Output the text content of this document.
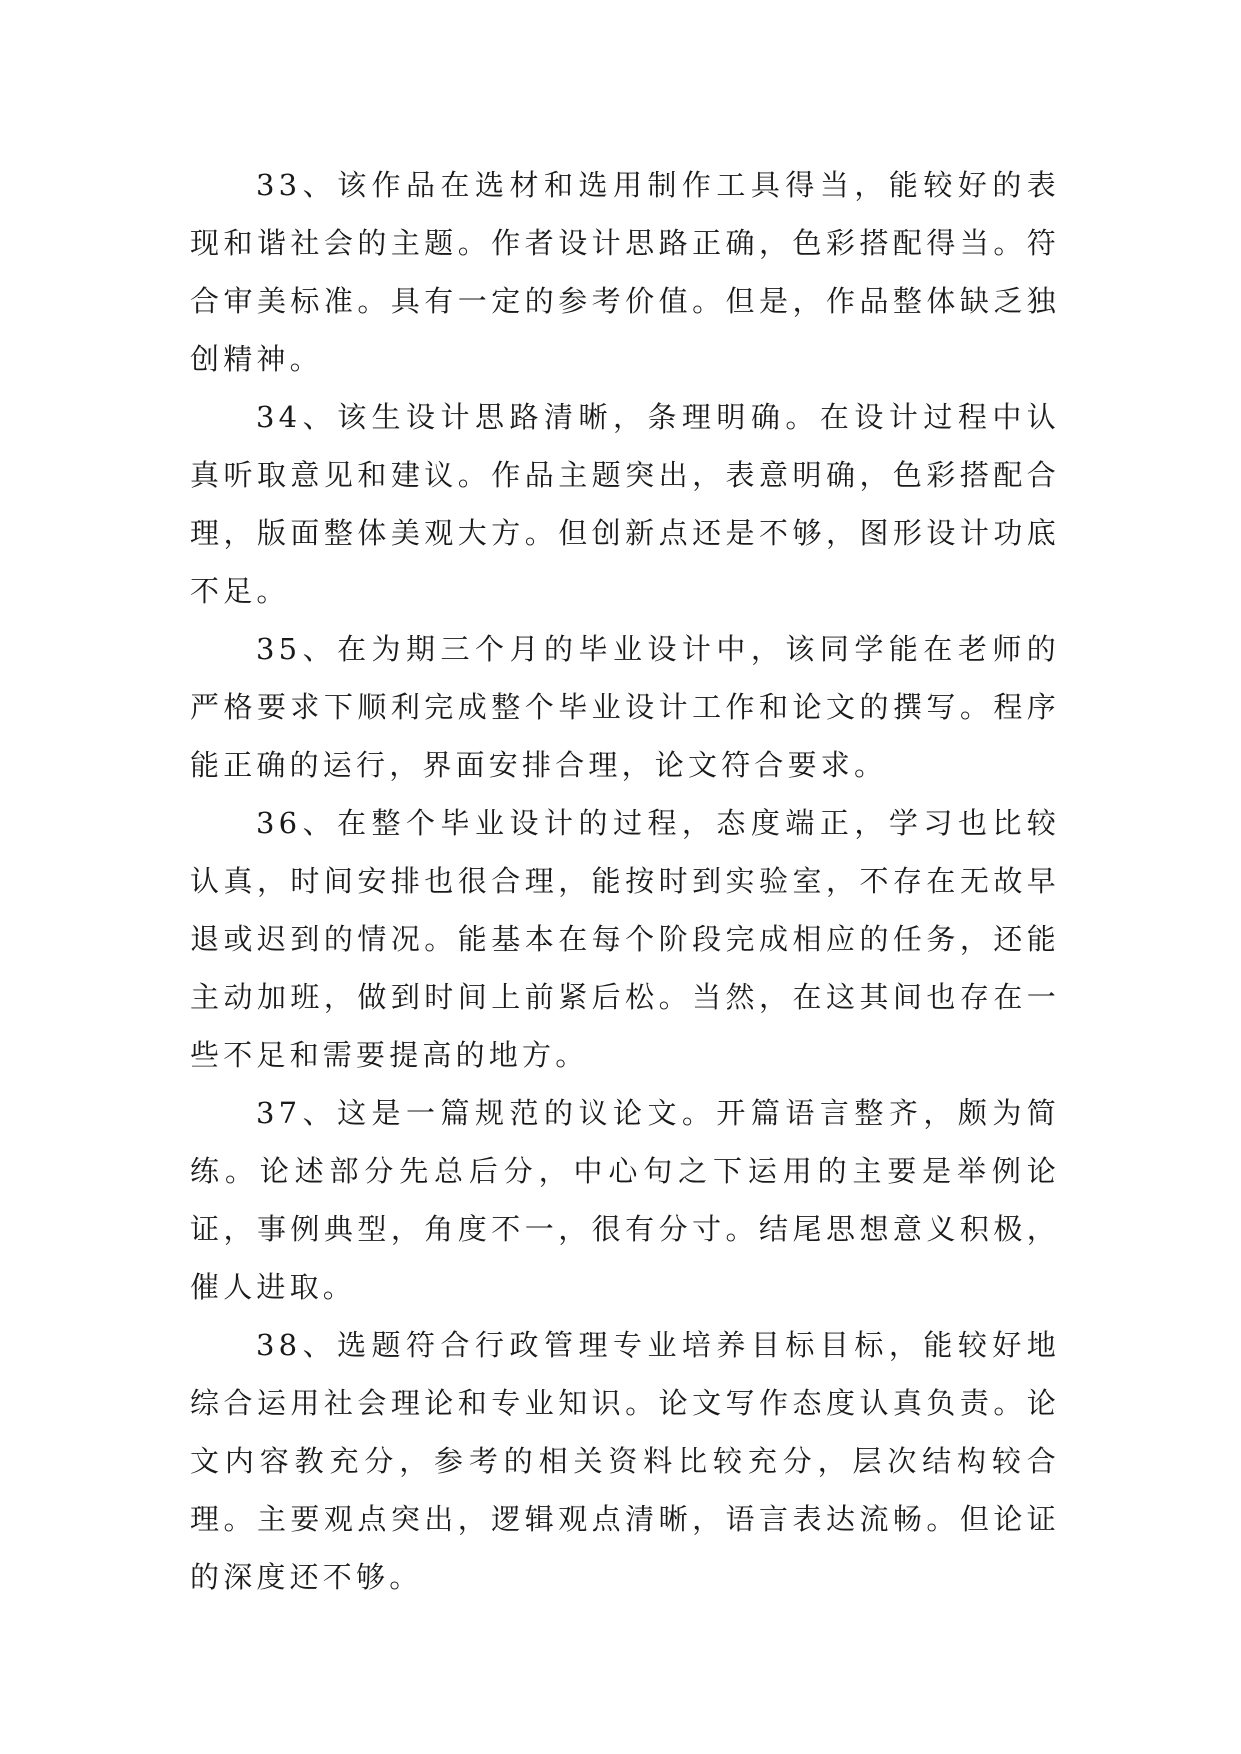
33、该作品在选材和选用制作工具得当，能较好的表现和谐社会的主题。作者设计思路正确，色彩搭配得当。符合审美标准。具有一定的参考价值。但是，作品整体缺乏独创精神。

34、该生设计思路清晰，条理明确。在设计过程中认真听取意见和建议。作品主题突出，表意明确，色彩搭配合理，版面整体美观大方。但创新点还是不够，图形设计功底不足。

35、在为期三个月的毕业设计中，该同学能在老师的严格要求下顺利完成整个毕业设计工作和论文的撰写。程序能正确的运行，界面安排合理，论文符合要求。

36、在整个毕业设计的过程，态度端正，学习也比较认真，时间安排也很合理，能按时到实验室，不存在无故早退或迟到的情况。能基本在每个阶段完成相应的任务，还能主动加班，做到时间上前紧后松。当然，在这其间也存在一些不足和需要提高的地方。

37、这是一篇规范的议论文。开篇语言整齐，颇为简练。论述部分先总后分，中心句之下运用的主要是举例论证，事例典型，角度不一，很有分寸。结尾思想意义积极，催人进取。

38、选题符合行政管理专业培养目标目标，能较好地综合运用社会理论和专业知识。论文写作态度认真负责。论文内容教充分，参考的相关资料比较充分，层次结构较合理。主要观点突出，逻辑观点清晰，语言表达流畅。但论证的深度还不够。
